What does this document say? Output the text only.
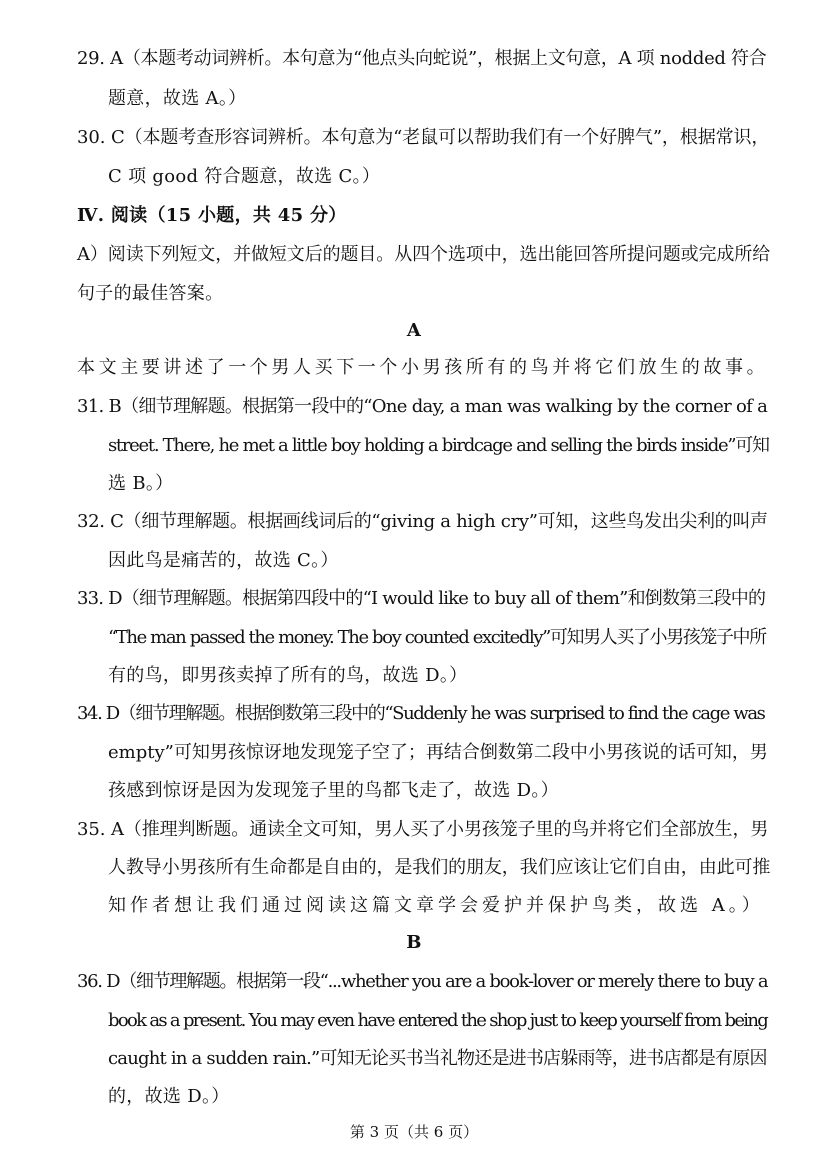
29. A（本题考动词辨析。本句意为“他点头向蛇说”，根据上文句意，A 项 nodded 符合
题意，故选 A。）
30. C（本题考查形容词辨析。本句意为“老鼠可以帮助我们有一个好脾气”，根据常识，
C 项 good 符合题意，故选 C。）
Ⅳ. 阅读（15 小题，共 45 分）
A）阅读下列短文，并做短文后的题目。从四个选项中，选出能回答所提问题或完成所给
句子的最佳答案。
A
本文主要讲述了一个男人买下一个小男孩所有的鸟并将它们放生的故事。
31. B（细节理解题。根据第一段中的“One day, a man was walking by the corner of a
street. There, he met a little boy holding a birdcage and selling the birds inside”可知
选 B。）
32. C（细节理解题。根据画线词后的“giving a high cry”可知，这些鸟发出尖利的叫声
因此鸟是痛苦的，故选 C。）
33. D（细节理解题。根据第四段中的“I would like to buy all of them”和倒数第三段中的
“The man passed the money. The boy counted excitedly”可知男人买了小男孩笼子中所
有的鸟，即男孩卖掉了所有的鸟，故选 D。）
34. D（细节理解题。根据倒数第三段中的“Suddenly he was surprised to find the cage was
empty”可知男孩惊讶地发现笼子空了；再结合倒数第二段中小男孩说的话可知，男
孩感到惊讶是因为发现笼子里的鸟都飞走了，故选 D。）
35. A（推理判断题。通读全文可知，男人买了小男孩笼子里的鸟并将它们全部放生，男
人教导小男孩所有生命都是自由的，是我们的朋友，我们应该让它们自由，由此可推
知作者想让我们通过阅读这篇文章学会爱护并保护鸟类，故选 A。）
B
36. D（细节理解题。根据第一段“...whether you are a book-lover or merely there to buy a
book as a present. You may even have entered the shop just to keep yourself from being
caught in a sudden rain.”可知无论买书当礼物还是进书店躲雨等，进书店都是有原因
的，故选 D。）
第 3 页（共 6 页）
